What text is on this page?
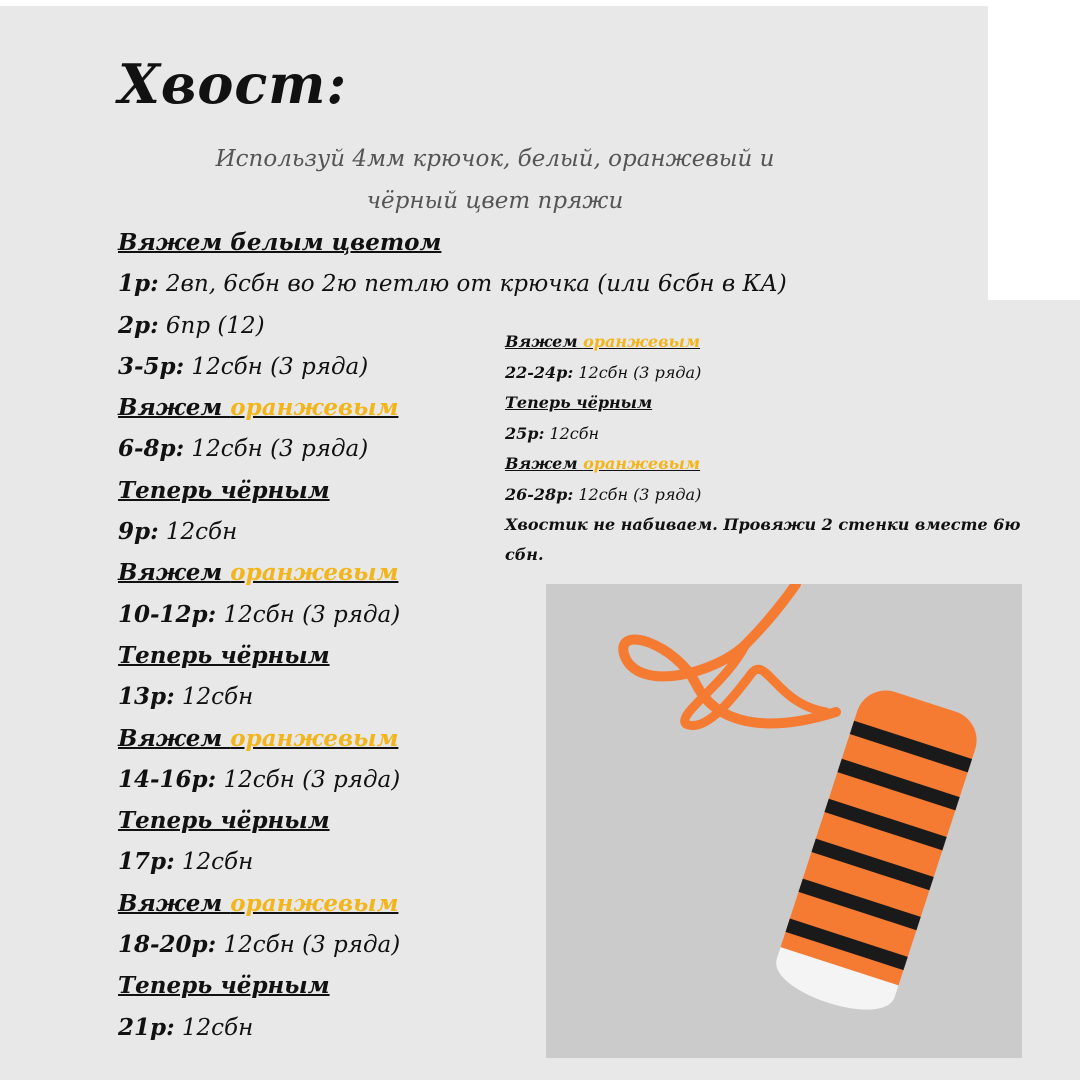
Хвост:
Используй 4мм крючок, белый, оранжевый и
чёрный цвет пряжи
Вяжем белым цветом
1р: 2вп, 6сбн во 2ю петлю от крючка (или 6сбн в КА)
2р: 6пр (12)
3-5р: 12сбн (3 ряда)
Вяжем оранжевым
6-8р: 12сбн (3 ряда)
Теперь чёрным
9р: 12сбн
Вяжем оранжевым
10-12р: 12сбн (3 ряда)
Теперь чёрным
13р: 12сбн
Вяжем оранжевым
14-16р: 12сбн (3 ряда)
Теперь чёрным
17р: 12сбн
Вяжем оранжевым
18-20р: 12сбн (3 ряда)
Теперь чёрным
21р: 12сбн
Вяжем оранжевым
22-24р: 12сбн (3 ряда)
Теперь чёрным
25р: 12сбн
Вяжем оранжевым
26-28р: 12сбн (3 ряда)
Хвостик не набиваем. Провяжи 2 стенки вместе 6ю сбн.
